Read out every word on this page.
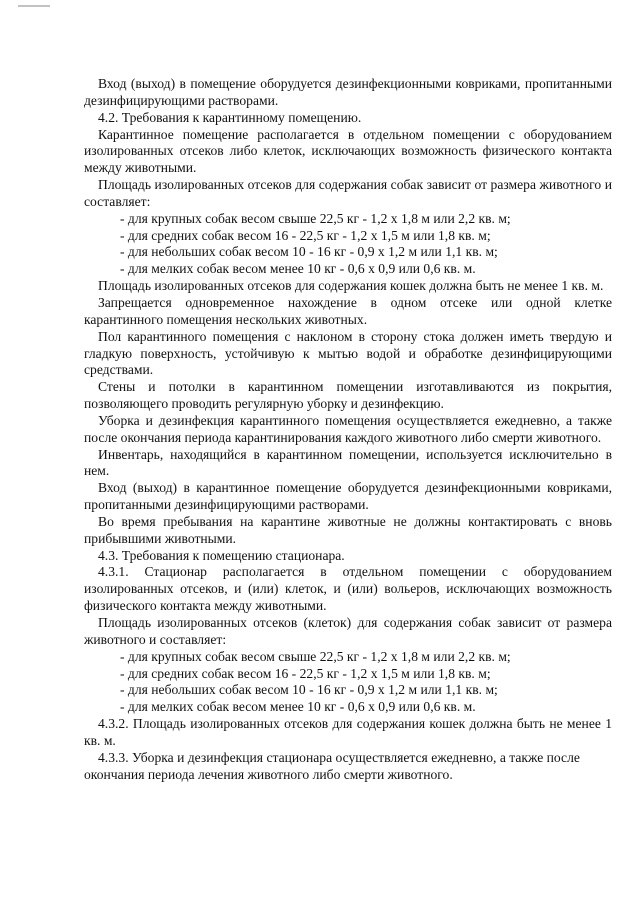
Вход (выход) в помещение оборудуется дезинфекционными ковриками, пропитанными дезинфицирующими растворами.

4.2. Требования к карантинному помещению.

Карантинное помещение располагается в отдельном помещении с оборудованием изолированных отсеков либо клеток, исключающих возможность физического контакта между животными.

Площадь изолированных отсеков для содержания собак зависит от размера животного и составляет:

- для крупных собак весом свыше 22,5 кг - 1,2 х 1,8 м или 2,2 кв. м;
- для средних собак весом 16 - 22,5 кг - 1,2 х 1,5 м или 1,8 кв. м;
- для небольших собак весом 10 - 16 кг - 0,9 х 1,2 м или 1,1 кв. м;
- для мелких собак весом менее 10 кг - 0,6 х 0,9 или 0,6 кв. м.

Площадь изолированных отсеков для содержания кошек должна быть не менее 1 кв. м.

Запрещается одновременное нахождение в одном отсеке или одной клетке карантинного помещения нескольких животных.

Пол карантинного помещения с наклоном в сторону стока должен иметь твердую и гладкую поверхность, устойчивую к мытью водой и обработке дезинфицирующими средствами.

Стены и потолки в карантинном помещении изготавливаются из покрытия, позволяющего проводить регулярную уборку и дезинфекцию.

Уборка и дезинфекция карантинного помещения осуществляется ежедневно, а также после окончания периода карантинирования каждого животного либо смерти животного.

Инвентарь, находящийся в карантинном помещении, используется исключительно в нем.

Вход (выход) в карантинное помещение оборудуется дезинфекционными ковриками, пропитанными дезинфицирующими растворами.

Во время пребывания на карантине животные не должны контактировать с вновь прибывшими животными.

4.3. Требования к помещению стационара.

4.3.1. Стационар располагается в отдельном помещении с оборудованием изолированных отсеков, и (или) клеток, и (или) вольеров, исключающих возможность физического контакта между животными.

Площадь изолированных отсеков (клеток) для содержания собак зависит от размера животного и составляет:

- для крупных собак весом свыше 22,5 кг - 1,2 х 1,8 м или 2,2 кв. м;
- для средних собак весом 16 - 22,5 кг - 1,2 х 1,5 м или 1,8 кв. м;
- для небольших собак весом 10 - 16 кг - 0,9 х 1,2 м или 1,1 кв. м;
- для мелких собак весом менее 10 кг - 0,6 х 0,9 или 0,6 кв. м.

4.3.2. Площадь изолированных отсеков для содержания кошек должна быть не менее 1 кв. м.

4.3.3. Уборка и дезинфекция стационара осуществляется ежедневно, а также после окончания периода лечения животного либо смерти животного.
